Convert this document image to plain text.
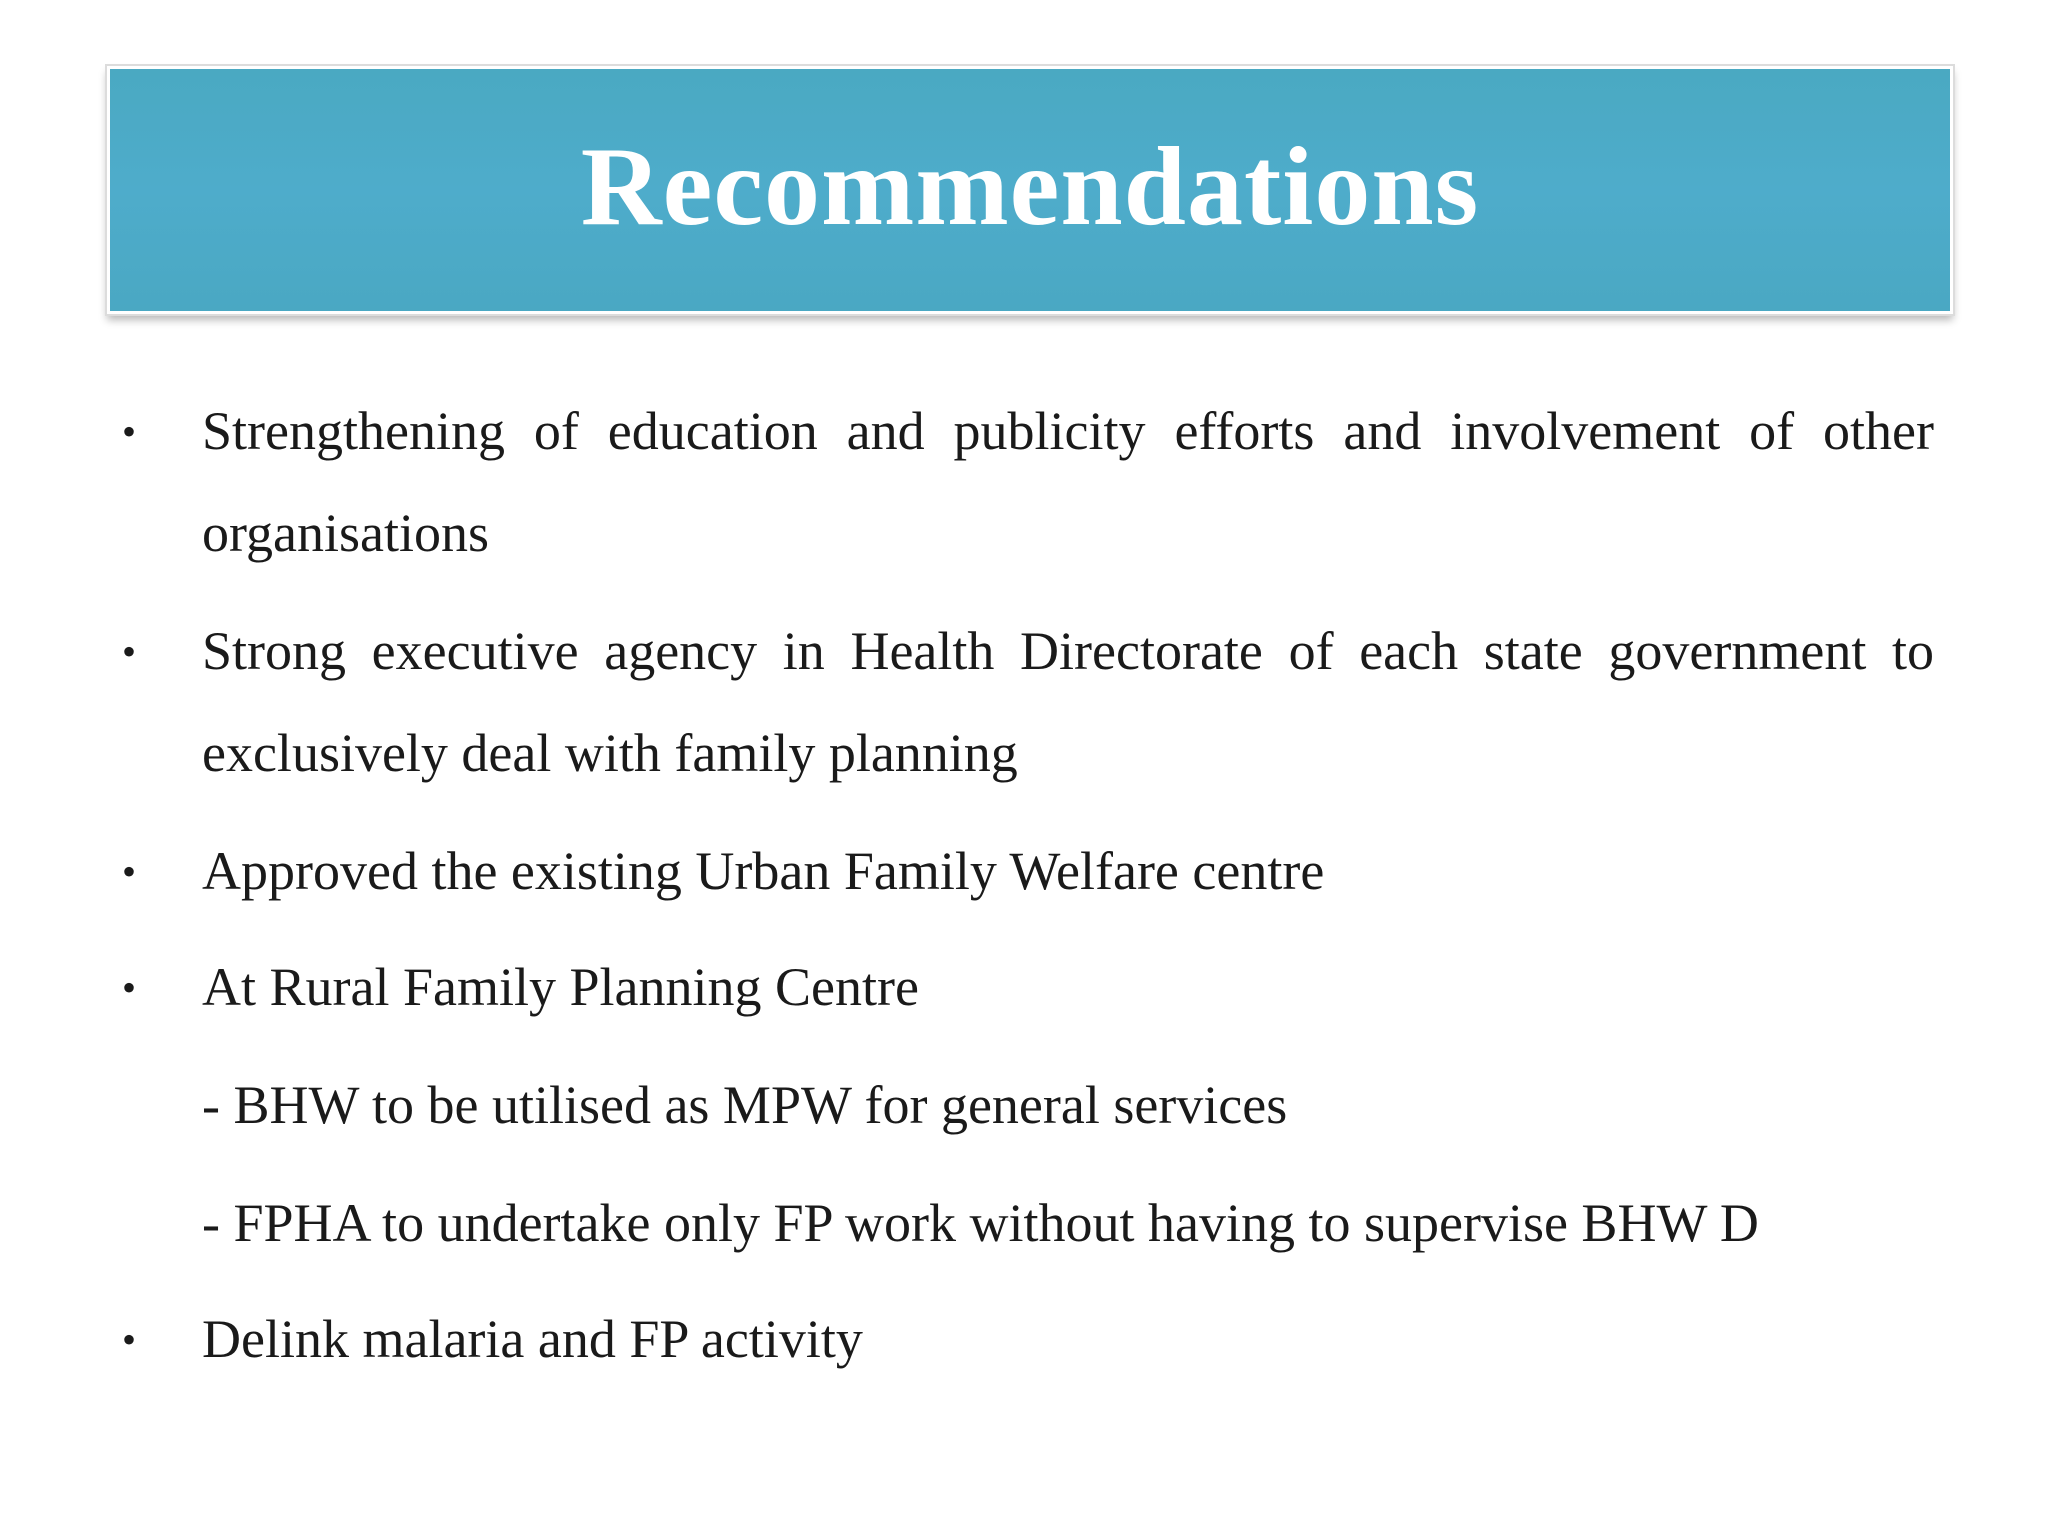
Recommendations
• Strengthening of education and publicity efforts and involvement of other
organisations
• Strong executive agency in Health Directorate of each state government to
exclusively deal with family planning
• Approved the existing Urban Family Welfare centre
• At Rural Family Planning Centre
- BHW to be utilised as MPW for general services
- FPHA to undertake only FP work without having to supervise BHW D
• Delink malaria and FP activity
